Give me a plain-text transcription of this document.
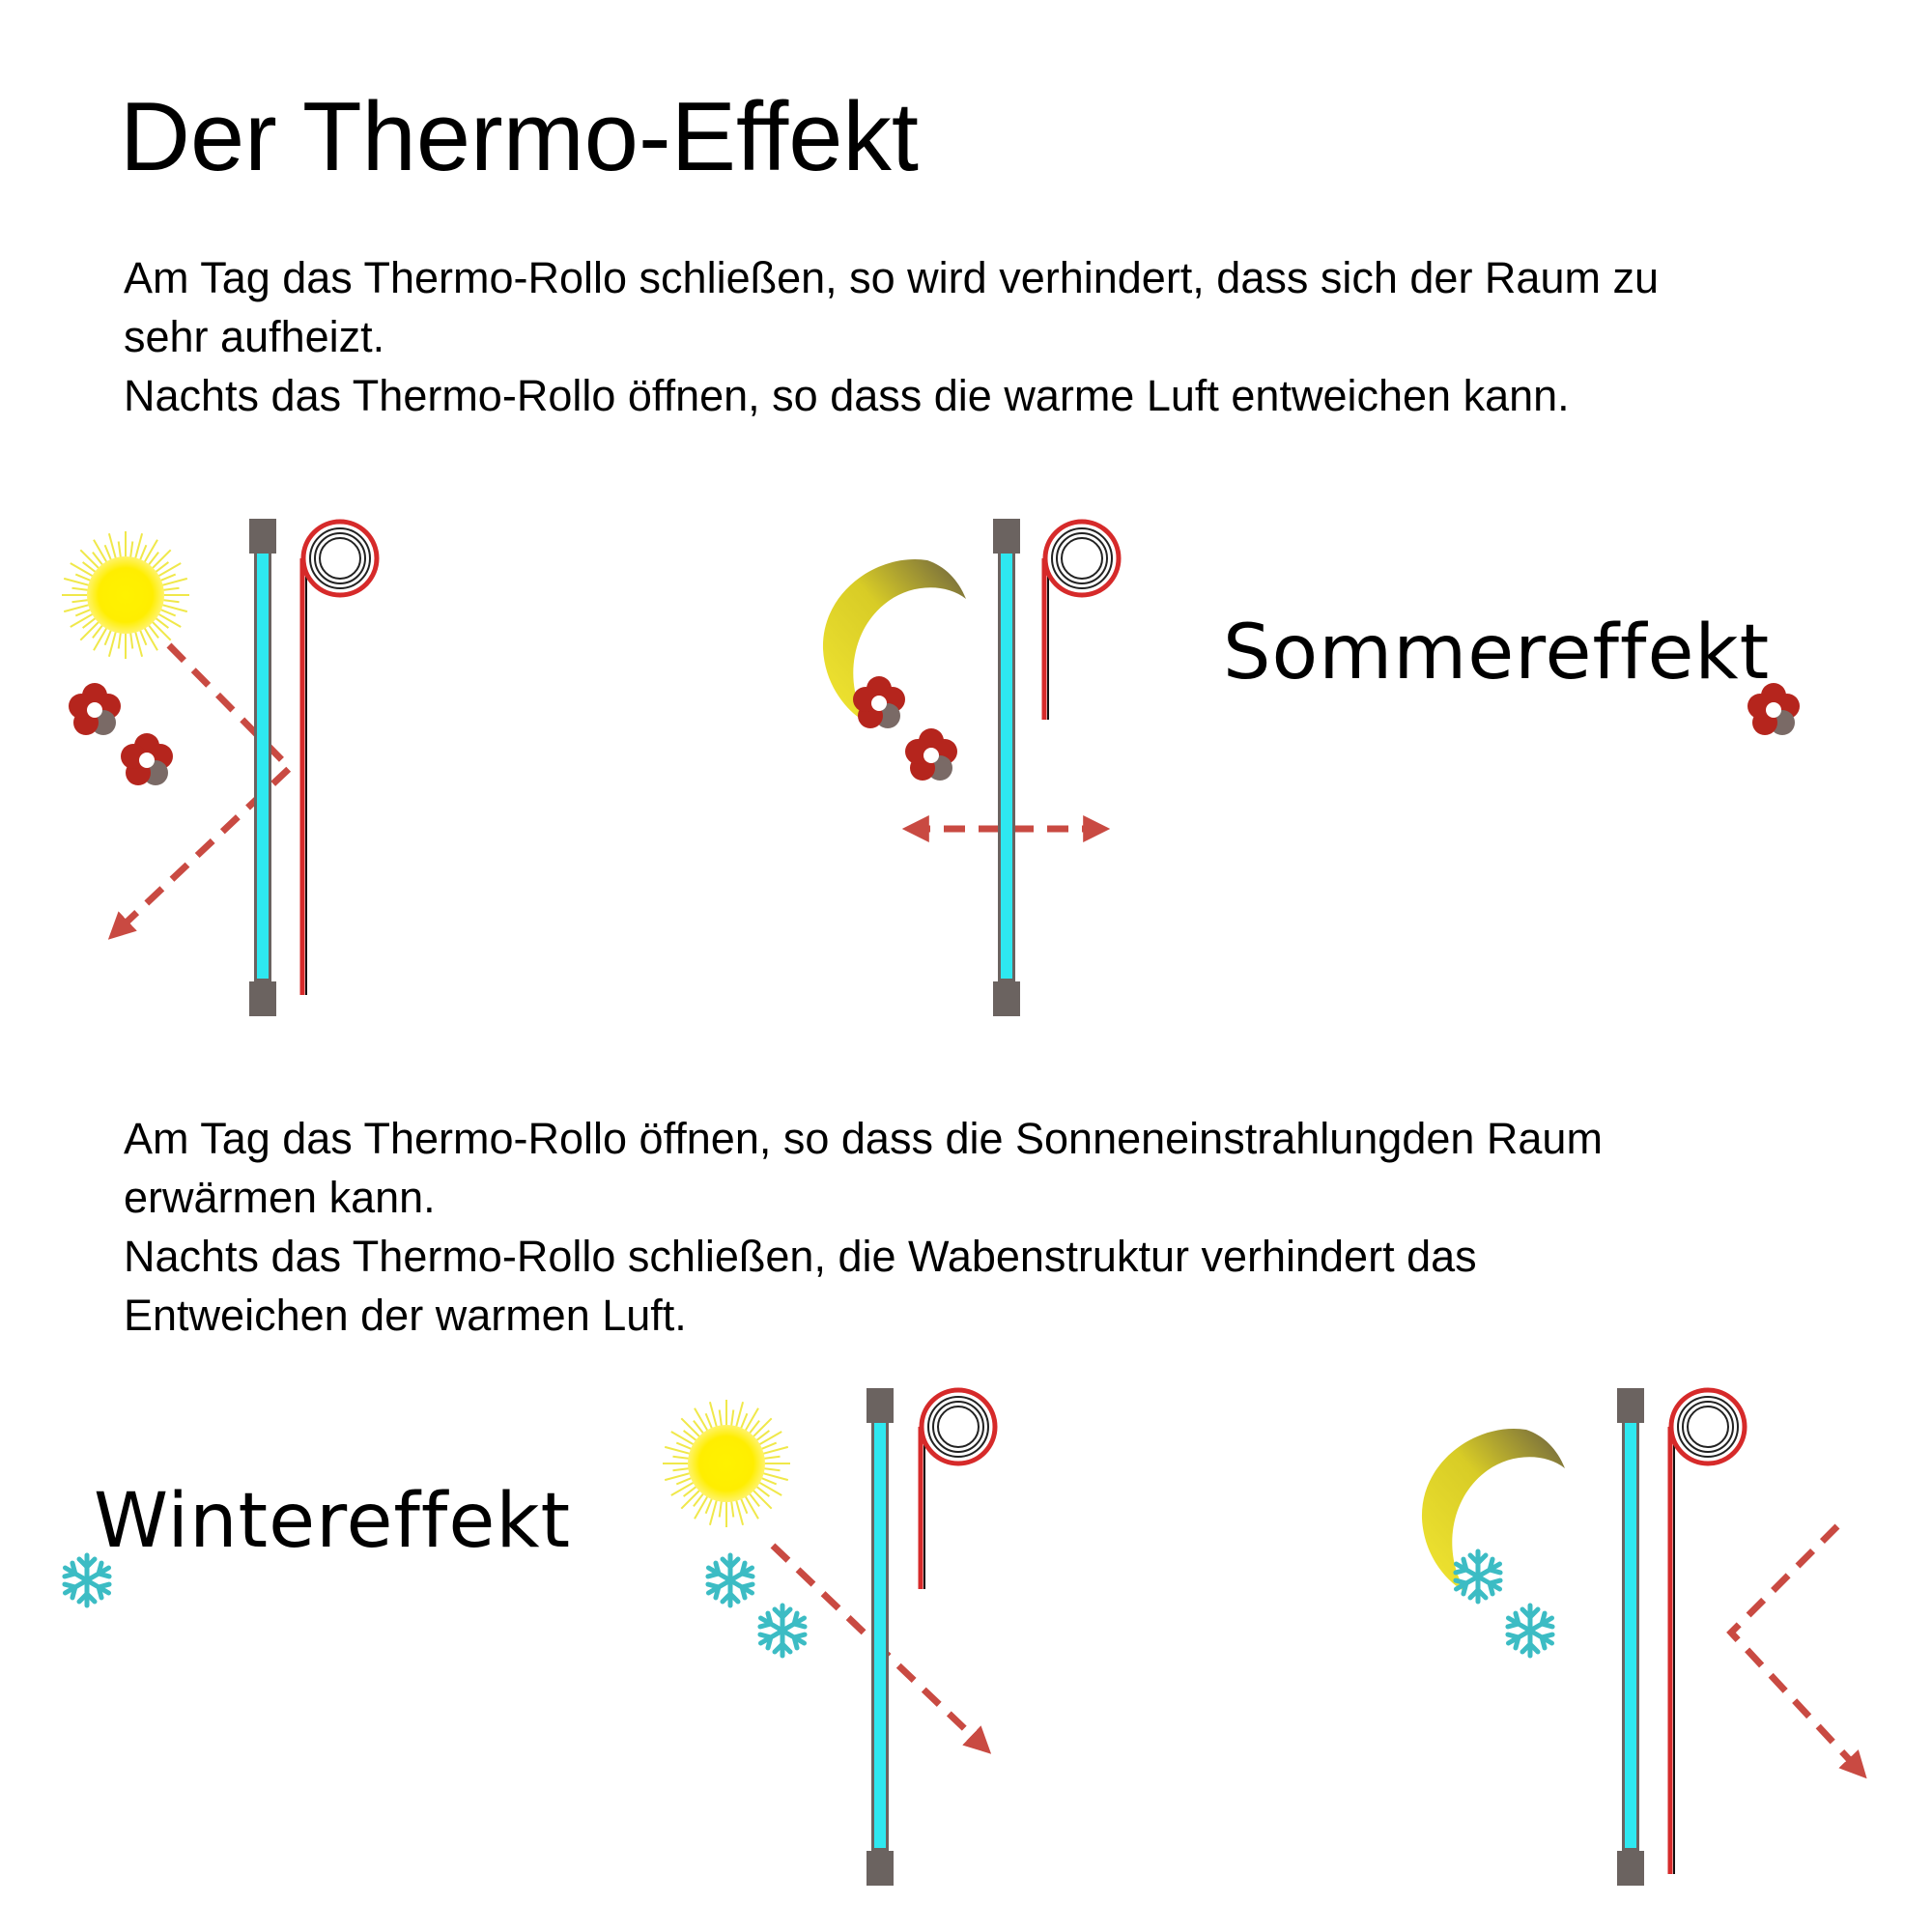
Der Thermo-Effekt

Am Tag das Thermo-Rollo schließen, so wird verhindert, dass sich der Raum zu sehr aufheizt.

Nachts das Thermo-Rollo öffnen, so dass die warme Luft entweichen kann.

Am Tag das Thermo-Rollo öffnen, so dass die Sonneneinstrahlungden Raum erwärmen kann.

Nachts das Thermo-Rollo schließen, die Wabenstruktur verhindert das Entweichen der warmen Luft.

Sommereffekt
Wintereffekt
